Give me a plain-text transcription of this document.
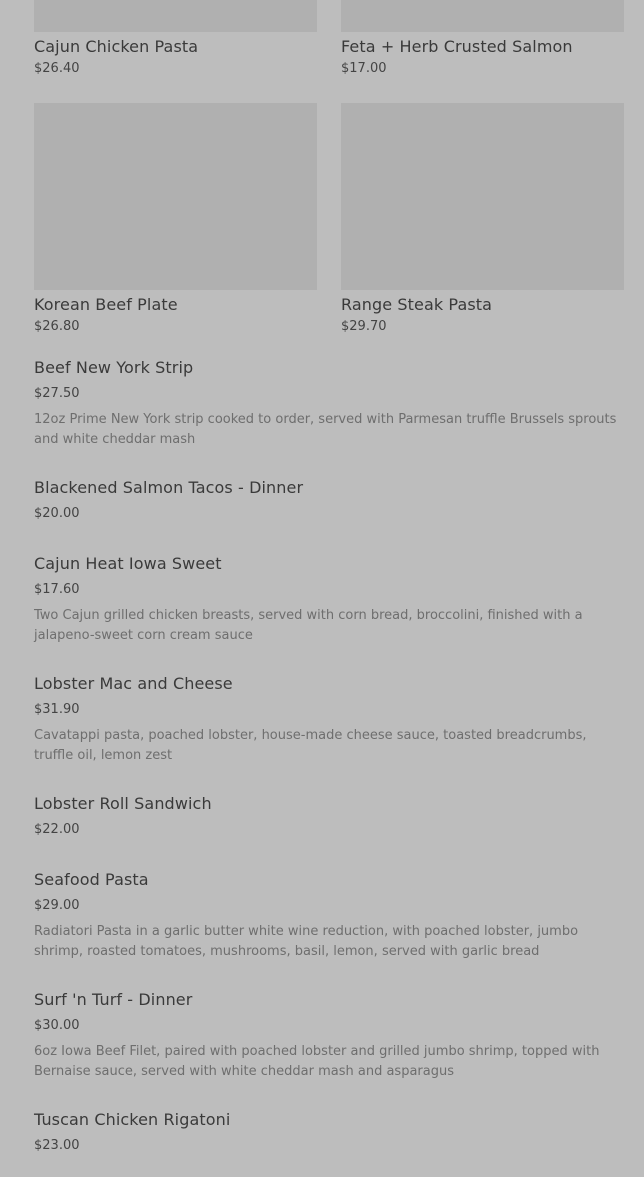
Cajun Chicken Pasta
$26.40
Feta + Herb Crusted Salmon
$17.00
Korean Beef Plate
$26.80
Range Steak Pasta
$29.70
Beef New York Strip
$27.50
12oz Prime New York strip cooked to order, served with Parmesan truffle Brussels sprouts and white cheddar mash
Blackened Salmon Tacos - Dinner
$20.00
Cajun Heat Iowa Sweet
$17.60
Two Cajun grilled chicken breasts, served with corn bread, broccolini, finished with a jalapeno-sweet corn cream sauce
Lobster Mac and Cheese
$31.90
Cavatappi pasta, poached lobster, house-made cheese sauce, toasted breadcrumbs, truffle oil, lemon zest
Lobster Roll Sandwich
$22.00
Seafood Pasta
$29.00
Radiatori Pasta in a garlic butter white wine reduction, with poached lobster, jumbo shrimp, roasted tomatoes, mushrooms, basil, lemon, served with garlic bread
Surf 'n Turf - Dinner
$30.00
6oz Iowa Beef Filet, paired with poached lobster and grilled jumbo shrimp, topped with Bernaise sauce, served with white cheddar mash and asparagus
Tuscan Chicken Rigatoni
$23.00
